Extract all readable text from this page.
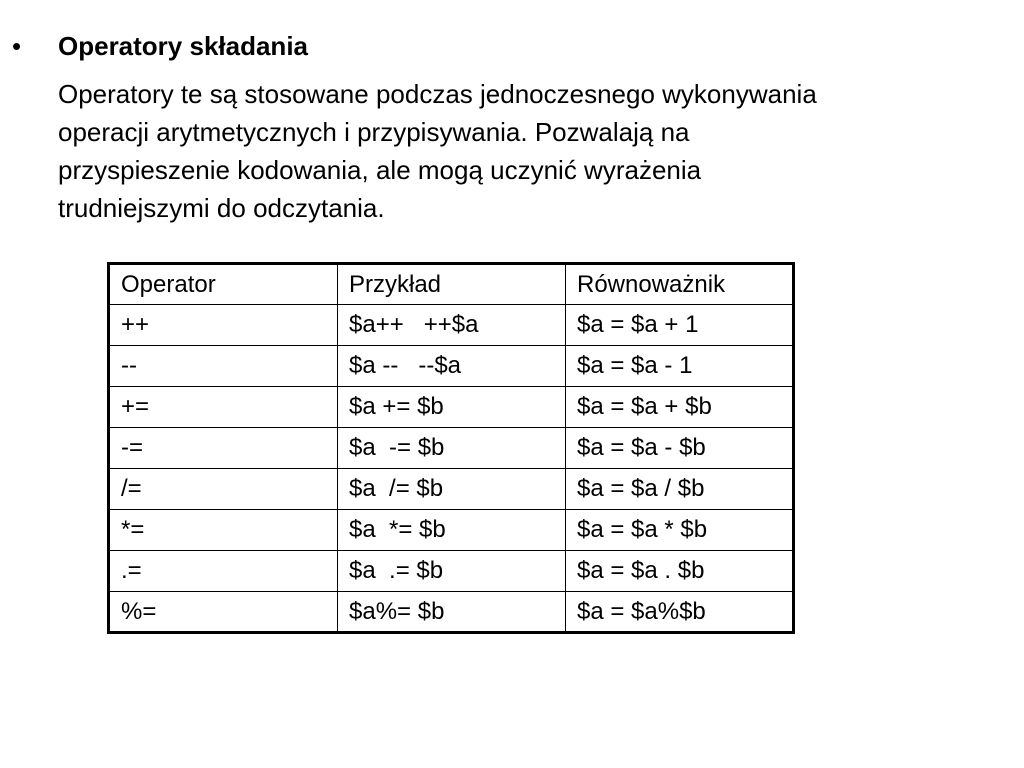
• Operatory składania

Operatory te są stosowane podczas jednoczesnego wykonywania
operacji arytmetycznych i przypisywania. Pozwalają na
przyspieszenie kodowania, ale mogą uczynić wyrażenia
trudniejszymi do odczytania.

Operator	Przykład	Równoważnik
++	$a++   ++$a	$a = $a + 1
--	$a --   --$a	$a = $a - 1
+=	$a += $b	$a = $a + $b
-=	$a  -= $b	$a = $a - $b
/=	$a  /= $b	$a = $a / $b
*=	$a  *= $b	$a = $a * $b
.=	$a  .= $b	$a = $a . $b
%=	$a%= $b	$a = $a%$b
